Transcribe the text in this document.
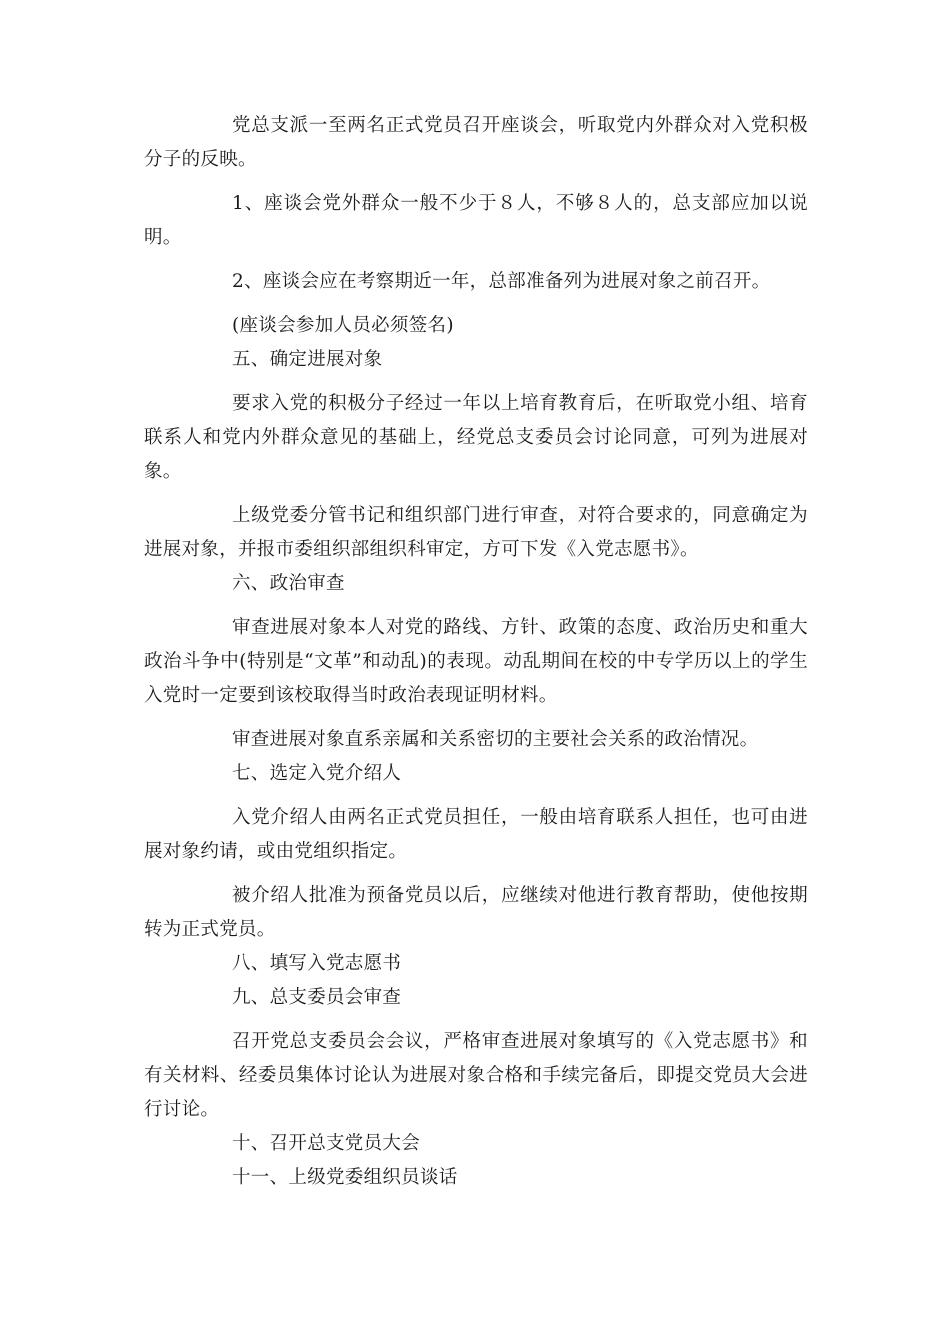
党总支派一至两名正式党员召开座谈会，听取党内外群众对入党积极分子的反映。

1、座谈会党外群众一般不少于８人，不够８人的，总支部应加以说明。

2、座谈会应在考察期近一年，总部准备列为进展对象之前召开。

(座谈会参加人员必须签名)

五、确定进展对象

要求入党的积极分子经过一年以上培育教育后，在听取党小组、培育联系人和党内外群众意见的基础上，经党总支委员会讨论同意，可列为进展对象。

上级党委分管书记和组织部门进行审查，对符合要求的，同意确定为进展对象，并报市委组织部组织科审定，方可下发《入党志愿书》。

六、政治审查

审查进展对象本人对党的路线、方针、政策的态度、政治历史和重大政治斗争中(特别是“文革”和动乱)的表现。动乱期间在校的中专学历以上的学生入党时一定要到该校取得当时政治表现证明材料。

审查进展对象直系亲属和关系密切的主要社会关系的政治情况。

七、选定入党介绍人

入党介绍人由两名正式党员担任，一般由培育联系人担任，也可由进展对象约请，或由党组织指定。

被介绍人批准为预备党员以后，应继续对他进行教育帮助，使他按期转为正式党员。

八、填写入党志愿书

九、总支委员会审查

召开党总支委员会会议，严格审查进展对象填写的《入党志愿书》和有关材料、经委员集体讨论认为进展对象合格和手续完备后，即提交党员大会进行讨论。

十、召开总支党员大会

十一、上级党委组织员谈话
